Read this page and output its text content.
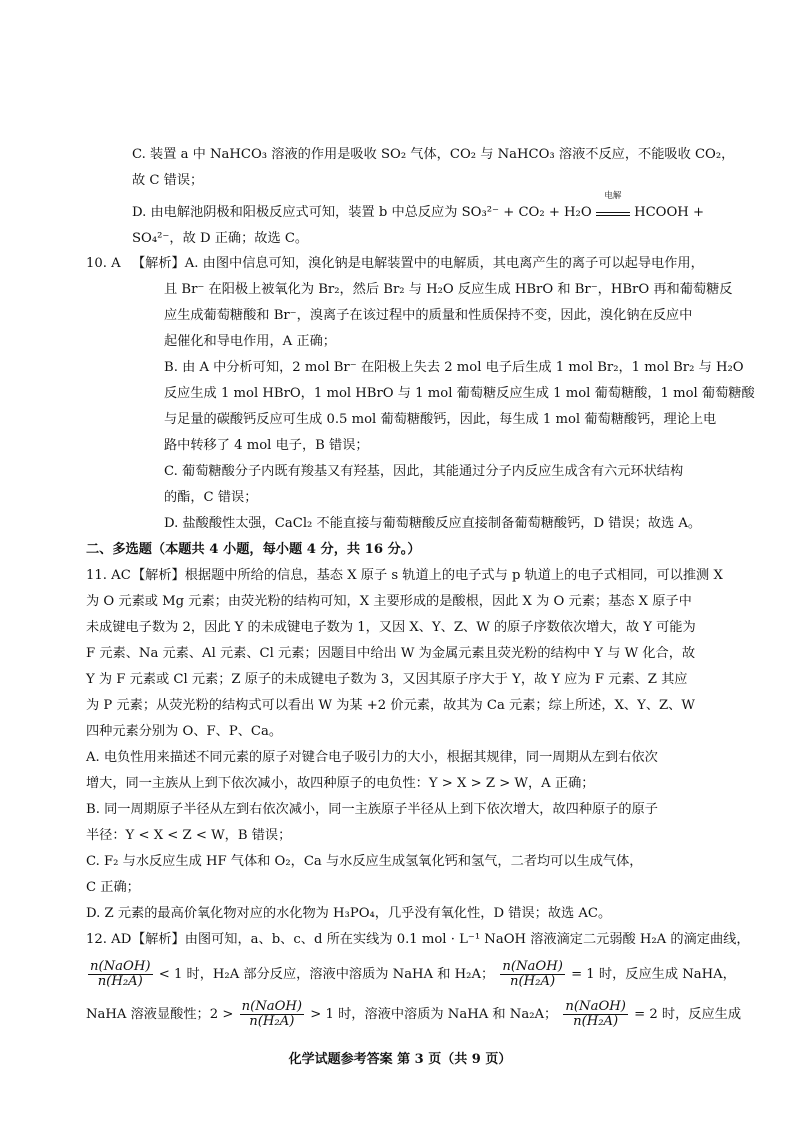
C. 装置 a 中 NaHCO₃ 溶液的作用是吸收 SO₂ 气体，CO₂ 与 NaHCO₃ 溶液不反应，不能吸收 CO₂，
故 C 错误；
D. 由电解池阴极和阳极反应式可知，装置 b 中总反应为 SO₃²⁻ + CO₂ + H₂O
电解
HCOOH +
SO₄²⁻，故 D 正确；故选 C。
10. A 【解析】A. 由图中信息可知，溴化钠是电解装置中的电解质，其电离产生的离子可以起导电作用，
且 Br⁻ 在阳极上被氧化为 Br₂，然后 Br₂ 与 H₂O 反应生成 HBrO 和 Br⁻，HBrO 再和葡萄糖反
应生成葡萄糖酸和 Br⁻，溴离子在该过程中的质量和性质保持不变，因此，溴化钠在反应中
起催化和导电作用，A 正确；
B. 由 A 中分析可知，2 mol Br⁻ 在阳极上失去 2 mol 电子后生成 1 mol Br₂，1 mol Br₂ 与 H₂O
反应生成 1 mol HBrO，1 mol HBrO 与 1 mol 葡萄糖反应生成 1 mol 葡萄糖酸，1 mol 葡萄糖酸
与足量的碳酸钙反应可生成 0.5 mol 葡萄糖酸钙，因此，每生成 1 mol 葡萄糖酸钙，理论上电
路中转移了 4 mol 电子，B 错误；
C. 葡萄糖酸分子内既有羧基又有羟基，因此，其能通过分子内反应生成含有六元环状结构
的酯，C 错误；
D. 盐酸酸性太强，CaCl₂ 不能直接与葡萄糖酸反应直接制备葡萄糖酸钙，D 错误；故选 A。
二、多选题（本题共 4 小题，每小题 4 分，共 16 分。）
11. AC 【解析】根据题中所给的信息，基态 X 原子 s 轨道上的电子式与 p 轨道上的电子式相同，可以推测 X
为 O 元素或 Mg 元素；由荧光粉的结构可知，X 主要形成的是酸根，因此 X 为 O 元素；基态 X 原子中
未成键电子数为 2，因此 Y 的未成键电子数为 1，又因 X、Y、Z、W 的原子序数依次增大，故 Y 可能为
F 元素、Na 元素、Al 元素、Cl 元素；因题目中给出 W 为金属元素且荧光粉的结构中 Y 与 W 化合，故
Y 为 F 元素或 Cl 元素；Z 原子的未成键电子数为 3，又因其原子序大于 Y，故 Y 应为 F 元素、Z 其应
为 P 元素；从荧光粉的结构式可以看出 W 为某 +2 价元素，故其为 Ca 元素；综上所述，X、Y、Z、W
四种元素分别为 O、F、P、Ca。
A. 电负性用来描述不同元素的原子对键合电子吸引力的大小，根据其规律，同一周期从左到右依次
增大，同一主族从上到下依次减小，故四种原子的电负性：Y > X > Z > W，A 正确；
B. 同一周期原子半径从左到右依次减小，同一主族原子半径从上到下依次增大，故四种原子的原子
半径：Y < X < Z < W，B 错误；
C. F₂ 与水反应生成 HF 气体和 O₂，Ca 与水反应生成氢氧化钙和氢气，二者均可以生成气体，
C 正确；
D. Z 元素的最高价氧化物对应的水化物为 H₃PO₄，几乎没有氧化性，D 错误；故选 AC。
12. AD 【解析】由图可知，a、b、c、d 所在实线为 0.1 mol · L⁻¹ NaOH 溶液滴定二元弱酸 H₂A 的滴定曲线，
$\frac{\text{n(NaOH)}}{\text{n(H₂A)}} < 1$ 时，H₂A 部分反应，溶液中溶质为 NaHA 和 H₂A； $\frac{\text{n(NaOH)}}{\text{n(H₂A)}} = 1$ 时，反应生成 NaHA，
NaHA 溶液显酸性；$2 > \frac{\text{n(NaOH)}}{\text{n(H₂A)}} > 1$ 时，溶液中溶质为 NaHA 和 Na₂A； $\frac{\text{n(NaOH)}}{\text{n(H₂A)}} = 2$ 时，反应生成
化学试题参考答案 第 3 页（共 9 页）
